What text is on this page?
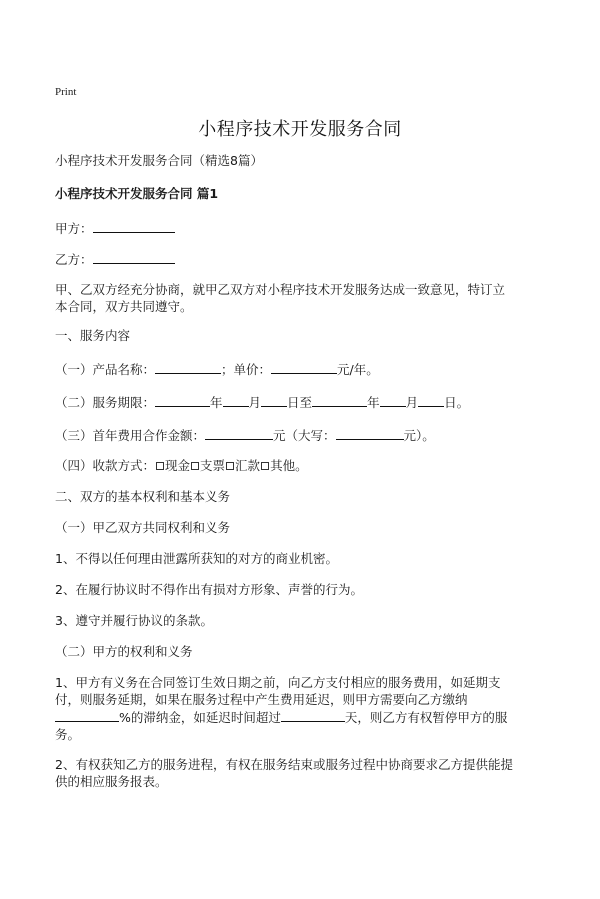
Print
小程序技术开发服务合同
小程序技术开发服务合同（精选8篇）
小程序技术开发服务合同 篇1
甲方：
乙方：
甲、乙双方经充分协商，就甲乙双方对小程序技术开发服务达成一致意见，特订立本合同，双方共同遵守。
一、服务内容
（一）产品名称：	；单价：	元/年。
（二）服务期限：	年 月 日至	年 月 日。
（三）首年费用合作金额：	元（大写：	元）。
（四）收款方式： 现金 支票 汇款 其他。
二、双方的基本权利和基本义务
（一）甲乙双方共同权利和义务
1、不得以任何理由泄露所获知的对方的商业机密。
2、在履行协议时不得作出有损对方形象、声誉的行为。
3、遵守并履行协议的条款。
（二）甲方的权利和义务
1、甲方有义务在合同签订生效日期之前，向乙方支付相应的服务费用，如延期支付，则服务延期，如果在服务过程中产生费用延迟，则甲方需要向乙方缴纳 %的滞纳金，如延迟时间超过	天，则乙方有权暂停甲方的服务。
2、有权获知乙方的服务进程，有权在服务结束或服务过程中协商要求乙方提供能提供的相应服务报表。
